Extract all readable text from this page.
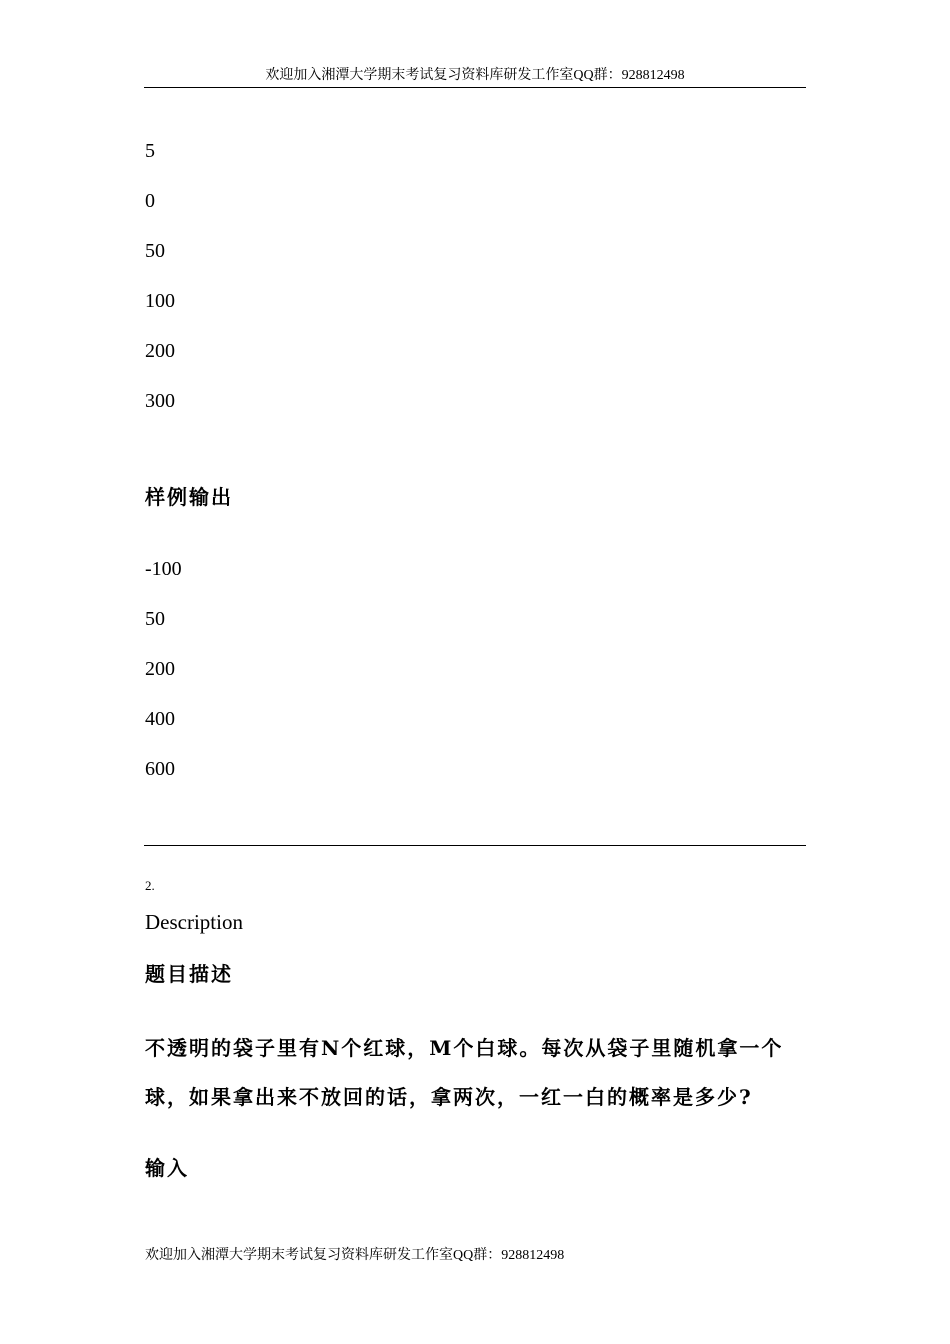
欢迎加入湘潭大学期末考试复习资料库研发工作室QQ群：928812498
5
0
50
100
200
300
样例输出
-100
50
200
400
600
2.
Description
题目描述
不透明的袋子里有N个红球，M个白球。每次从袋子里随机拿一个
球，如果拿出来不放回的话，拿两次，一红一白的概率是多少?
输入
欢迎加入湘潭大学期末考试复习资料库研发工作室QQ群：928812498
